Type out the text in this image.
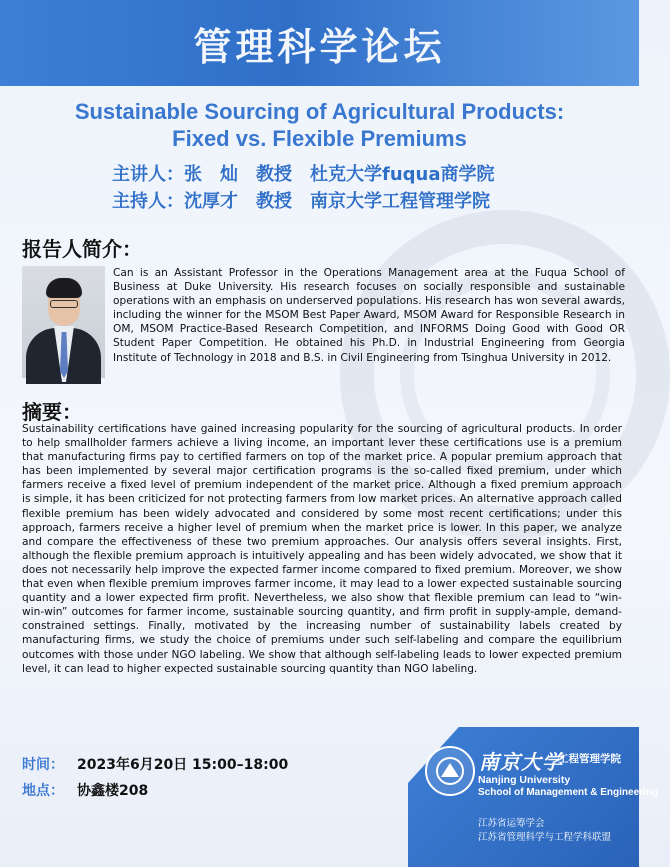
管理科学论坛
Sustainable Sourcing of Agricultural Products:
Fixed vs. Flexible Premiums
主讲人：张　灿　教授　杜克大学fuqua商学院
主持人：沈厚才　教授　南京大学工程管理学院
报告人简介：
Can is an Assistant Professor in the Operations Management area at the Fuqua School of Business at Duke University. His research focuses on socially responsible and sustainable operations with an emphasis on underserved populations. His research has won several awards, including the winner for the MSOM Best Paper Award, MSOM Award for Responsible Research in OM, MSOM Practice-Based Research Competition, and INFORMS Doing Good with Good OR Student Paper Competition. He obtained his Ph.D. in Industrial Engineering from Georgia Institute of Technology in 2018 and B.S. in Civil Engineering from Tsinghua University in 2012.
摘要：
Sustainability certifications have gained increasing popularity for the sourcing of agricultural products. In order to help smallholder farmers achieve a living income, an important lever these certifications use is a premium that manufacturing firms pay to certified farmers on top of the market price. A popular premium approach that has been implemented by several major certification programs is the so-called fixed premium, under which farmers receive a fixed level of premium independent of the market price. Although a fixed premium approach is simple, it has been criticized for not protecting farmers from low market prices. An alternative approach called flexible premium has been widely advocated and considered by some most recent certifications; under this approach, farmers receive a higher level of premium when the market price is lower. In this paper, we analyze and compare the effectiveness of these two premium approaches. Our analysis offers several insights. First, although the flexible premium approach is intuitively appealing and has been widely advocated, we show that it does not necessarily help improve the expected farmer income compared to fixed premium. Moreover, we show that even when flexible premium improves farmer income, it may lead to a lower expected sustainable sourcing quantity and a lower expected firm profit. Nevertheless, we also show that flexible premium can lead to “win-win-win” outcomes for farmer income, sustainable sourcing quantity, and firm profit in supply-ample, demand-constrained settings. Finally, motivated by the increasing number of sustainability labels created by manufacturing firms, we study the choice of premiums under such self-labeling and compare the equilibrium outcomes with those under NGO labeling. We show that although self-labeling leads to lower expected premium level, it can lead to higher expected sustainable sourcing quantity than NGO labeling.
时间： 2023年6月20日 15:00–18:00
地点： 协鑫楼208
南京大学
工程管理学院
Nanjing University
School of Management & Engineering
江苏省运筹学会
江苏省管理科学与工程学科联盟
